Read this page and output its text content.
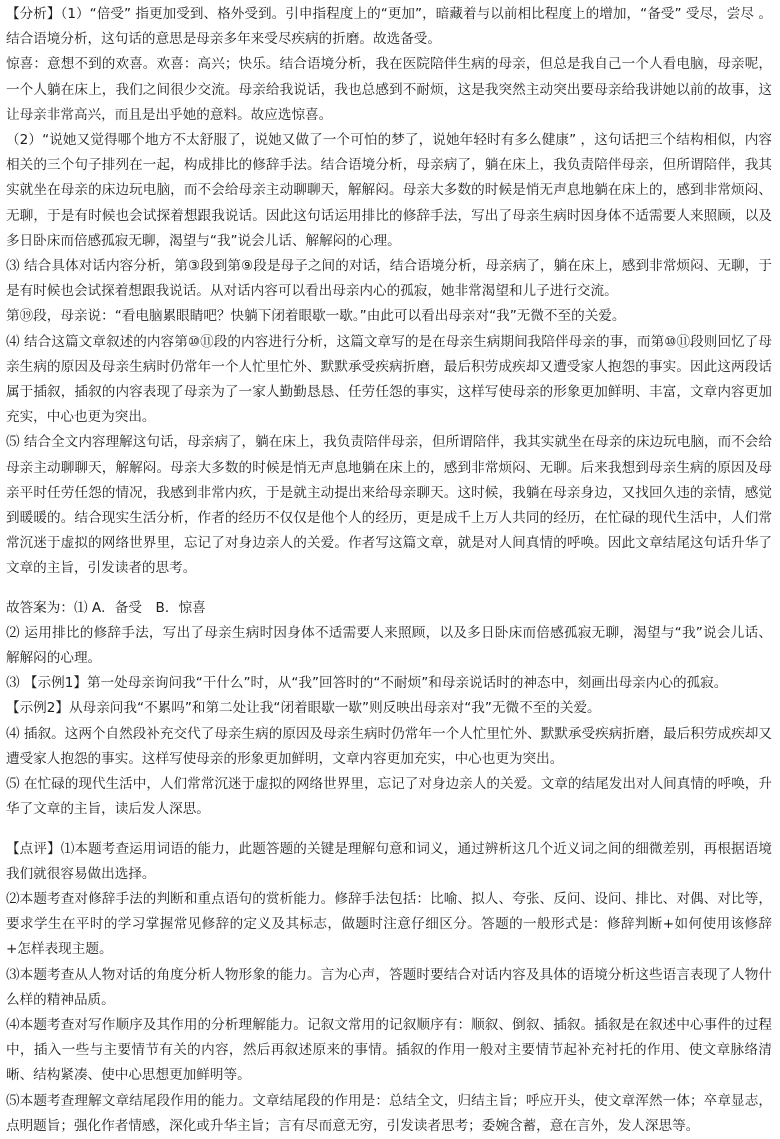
【分析】（1）“倍受” 指更加受到、格外受到。引申指程度上的“更加”，暗藏着与以前相比程度上的增加，“备受” 受尽，尝尽 。结合语境分析，这句话的意思是母亲多年来受尽疾病的折磨。故选备受。

惊喜：意想不到的欢喜。欢喜：高兴；快乐。结合语境分析，我在医院陪伴生病的母亲，但总是我自己一个人看电脑，母亲呢，一个人躺在床上，我们之间很少交流。母亲给我说话，我也总感到不耐烦，这是我突然主动突出要母亲给我讲她以前的故事，这让母亲非常高兴，而且是出乎她的意料。故应选惊喜。

（2）“说她又觉得哪个地方不太舒服了，说她又做了一个可怕的梦了，说她年轻时有多么健康” ，这句话把三个结构相似，内容相关的三个句子排列在一起，构成排比的修辞手法。结合语境分析，母亲病了，躺在床上，我负责陪伴母亲，但所谓陪伴，我其实就坐在母亲的床边玩电脑，而不会给母亲主动聊聊天，解解闷。母亲大多数的时候是悄无声息地躺在床上的，感到非常烦闷、无聊，于是有时候也会试探着想跟我说话。因此这句话运用排比的修辞手法，写出了母亲生病时因身体不适需要人来照顾，以及多日卧床而倍感孤寂无聊，渴望与“我”说会儿话、解解闷的心理。

⑶ 结合具体对话内容分析，第③段到第⑨段是母子之间的对话，结合语境分析，母亲病了，躺在床上，感到非常烦闷、无聊，于是有时候也会试探着想跟我说话。从对话内容可以看出母亲内心的孤寂，她非常渴望和儿子进行交流。

第⑲段，母亲说：“看电脑累眼睛吧？快躺下闭着眼歇一歇。”由此可以看出母亲对“我”无微不至的关爱。

⑷ 结合这篇文章叙述的内容第⑩⑪段的内容进行分析，这篇文章写的是在母亲生病期间我陪伴母亲的事，而第⑩⑪段则回忆了母亲生病的原因及母亲生病时仍常年一个人忙里忙外、默默承受疾病折磨，最后积劳成疾却又遭受家人抱怨的事实。因此这两段话属于插叙，插叙的内容表现了母亲为了一家人勤勤恳恳、任劳任怨的事实，这样写使母亲的形象更加鲜明、丰富，文章内容更加充实，中心也更为突出。

⑸ 结合全文内容理解这句话，母亲病了，躺在床上，我负责陪伴母亲，但所谓陪伴，我其实就坐在母亲的床边玩电脑，而不会给母亲主动聊聊天，解解闷。母亲大多数的时候是悄无声息地躺在床上的，感到非常烦闷、无聊。后来我想到母亲生病的原因及母亲平时任劳任怨的情况，我感到非常内疚，于是就主动提出来给母亲聊天。这时候，我躺在母亲身边，又找回久违的亲情，感觉到暖暖的。结合现实生活分析，作者的经历不仅仅是他个人的经历，更是成千上万人共同的经历，在忙碌的现代生活中，人们常常沉迷于虚拟的网络世界里，忘记了对身边亲人的关爱。作者写这篇文章，就是对人间真情的呼唤。因此文章结尾这句话升华了文章的主旨，引发读者的思考。

故答案为：⑴ A．备受　B．惊喜

⑵ 运用排比的修辞手法，写出了母亲生病时因身体不适需要人来照顾，以及多日卧床而倍感孤寂无聊，渴望与“我”说会儿话、解解闷的心理。

⑶ 【示例1】第一处母亲询问我“干什么”时，从“我”回答时的“不耐烦”和母亲说话时的神态中，刻画出母亲内心的孤寂。

【示例2】从母亲问我“不累吗”和第二处让我“闭着眼歇一歇”则反映出母亲对“我”无微不至的关爱。

⑷ 插叙。这两个自然段补充交代了母亲生病的原因及母亲生病时仍常年一个人忙里忙外、默默承受疾病折磨，最后积劳成疾却又遭受家人抱怨的事实。这样写使母亲的形象更加鲜明，文章内容更加充实，中心也更为突出。

⑸ 在忙碌的现代生活中，人们常常沉迷于虚拟的网络世界里，忘记了对身边亲人的关爱。文章的结尾发出对人间真情的呼唤，升华了文章的主旨，读后发人深思。

【点评】⑴本题考查运用词语的能力，此题答题的关键是理解句意和词义，通过辨析这几个近义词之间的细微差别，再根据语境我们就很容易做出选择。

⑵本题考查对修辞手法的判断和重点语句的赏析能力。修辞手法包括：比喻、拟人、夸张、反问、设问、排比、对偶、对比等，要求学生在平时的学习掌握常见修辞的定义及其标志，做题时注意仔细区分。答题的一般形式是：修辞判断+如何使用该修辞+怎样表现主题。

⑶本题考查从人物对话的角度分析人物形象的能力。言为心声，答题时要结合对话内容及具体的语境分析这些语言表现了人物什么样的精神品质。

⑷本题考查对写作顺序及其作用的分析理解能力。记叙文常用的记叙顺序有：顺叙、倒叙、插叙。插叙是在叙述中心事件的过程中，插入一些与主要情节有关的内容，然后再叙述原来的事情。插叙的作用一般对主要情节起补充衬托的作用、使文章脉络清晰、结构紧凑、使中心思想更加鲜明等。

⑸本题考查理解文章结尾段作用的能力。文章结尾段的作用是：总结全文，归结主旨；呼应开头，使文章浑然一体；卒章显志，点明题旨；强化作者情感，深化或升华主旨；言有尽而意无穷，引发读者思考；委婉含蓄，意在言外，发人深思等。
